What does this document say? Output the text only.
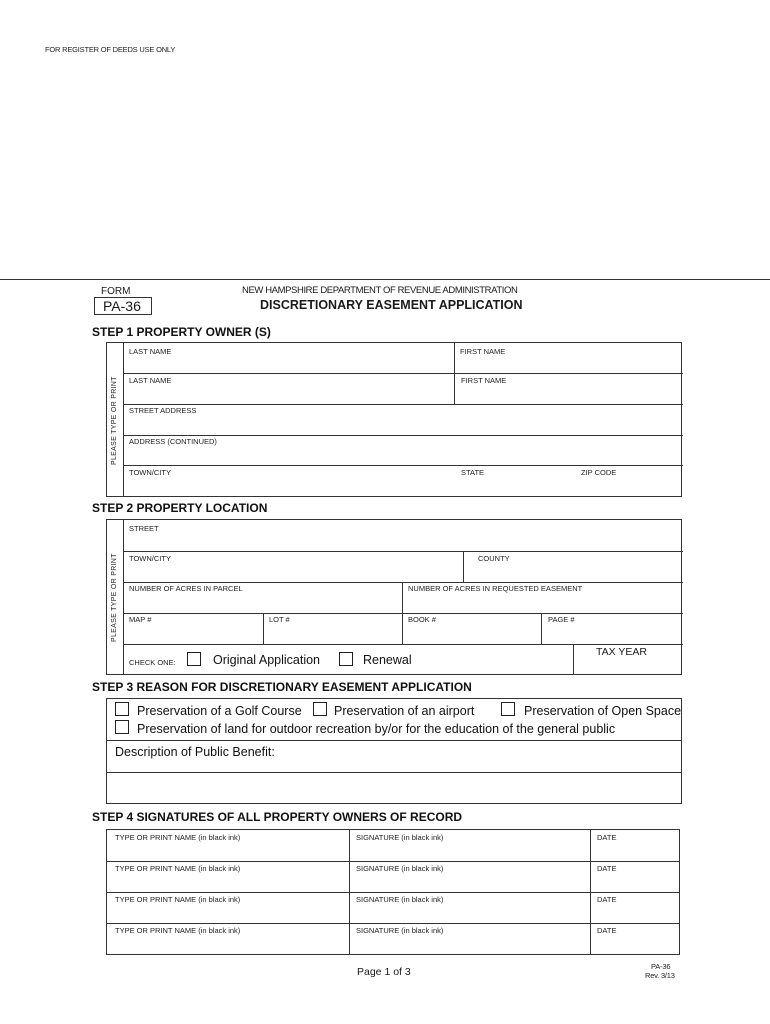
FOR REGISTER OF DEEDS USE ONLY
FORM
PA-36
NEW HAMPSHIRE DEPARTMENT OF REVENUE ADMINISTRATION
DISCRETIONARY EASEMENT APPLICATION
STEP 1 PROPERTY OWNER (S)
PLEASE TYPE OR PRINT
LAST NAME	FIRST NAME
LAST NAME	FIRST NAME
STREET ADDRESS
ADDRESS (CONTINUED)
TOWN/CITY	STATE	ZIP CODE
STEP 2 PROPERTY LOCATION
PLEASE TYPE OR PRINT
STREET
TOWN/CITY	COUNTY
NUMBER OF ACRES IN PARCEL	NUMBER OF ACRES IN REQUESTED EASEMENT
MAP #	LOT #	BOOK #	PAGE #
CHECK ONE:	Original Application	Renewal
TAX YEAR
STEP 3 REASON FOR DISCRETIONARY EASEMENT APPLICATION
Preservation of a Golf Course	Preservation of an airport	Preservation of Open Space
Preservation of land for outdoor recreation by/or for the education of the general public
Description of Public Benefit:
STEP 4 SIGNATURES OF ALL PROPERTY OWNERS OF RECORD
TYPE OR PRINT NAME (in black ink)	SIGNATURE (in black ink)	DATE
TYPE OR PRINT NAME (in black ink)	SIGNATURE (in black ink)	DATE
TYPE OR PRINT NAME (in black ink)	SIGNATURE (in black ink)	DATE
TYPE OR PRINT NAME (in black ink)	SIGNATURE (in black ink)	DATE
Page 1 of 3	PA-36
Rev. 3/13
